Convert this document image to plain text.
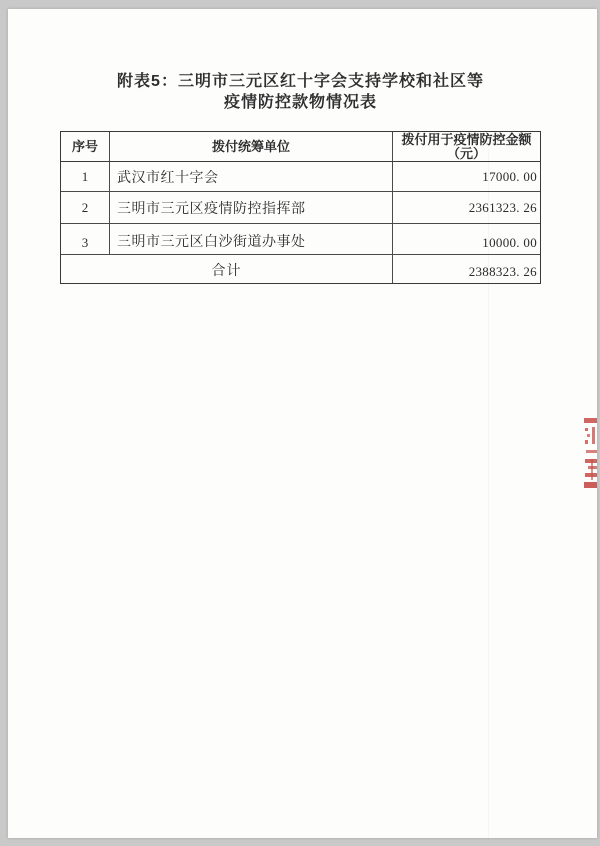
附表5：三明市三元区红十字会支持学校和社区等
疫情防控款物情况表
序号	拨付统筹单位	拨付用于疫情防控金额
（元）
1	武汉市红十字会	17000. 00
2	三明市三元区疫情防控指挥部	2361323. 26
3	三明市三元区白沙街道办事处	10000. 00
合计	2388323. 26
